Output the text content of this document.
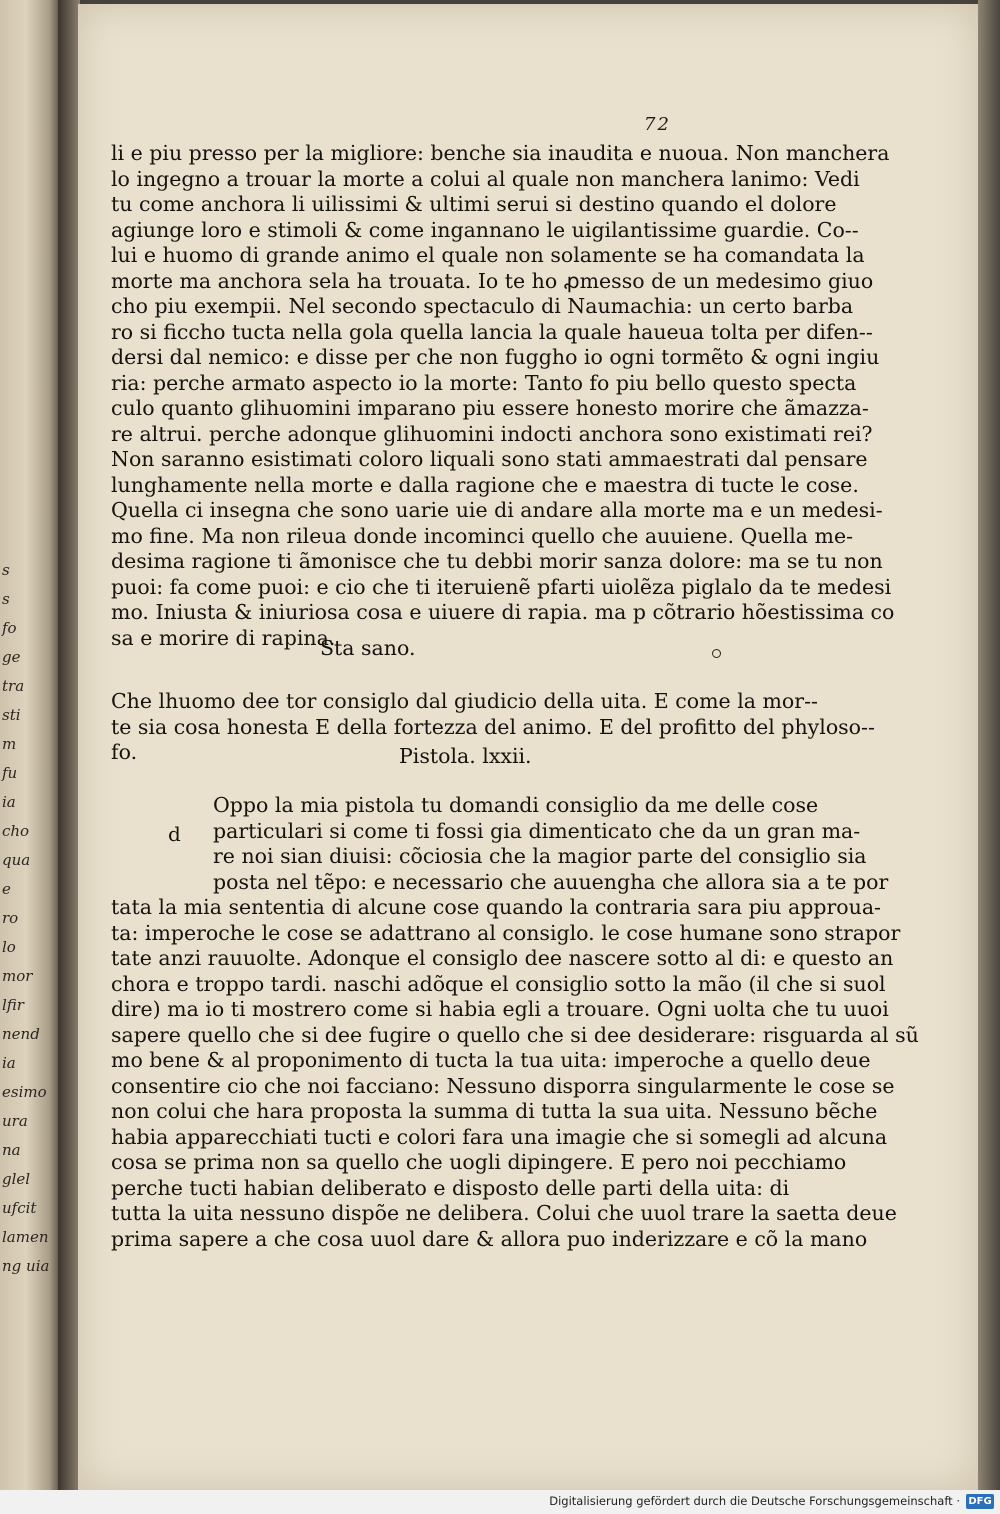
s
s
fo
ge
tra
sti
m
fu
ia
cho
qua
e
ro
lo
mor
lfir
nend
ia
esimo
ura
na
glel
ufcit
lamen
ng uia
72
li e piu presso per la migliore: benche sia inaudita e nuoua. Non manchera
lo ingegno a trouar la morte a colui al quale non manchera lanimo: Vedi
tu come anchora li uilissimi & ultimi serui si destino quando el dolore
agiunge loro e stimoli & come ingannano le uigilantissime guardie. Co--
lui e huomo di grande animo el quale non solamente se ha comandata la
morte ma anchora sela ha trouata. Io te ho ꝓmesso de un medesimo giuo
cho piu exempii. Nel secondo spectaculo di Naumachia: un certo barba
ro si ficcho tucta nella gola quella lancia la quale haueua tolta per difen--
dersi dal nemico: e disse per che non fuggho io ogni tormẽto & ogni ingiu
ria: perche armato aspecto io la morte: Tanto fo piu bello questo specta
culo quanto glihuomini imparano piu essere honesto morire che ãmazza-
re altrui. perche adonque glihuomini indocti anchora sono existimati rei?
Non saranno esistimati coloro liquali sono stati ammaestrati dal pensare
lunghamente nella morte e dalla ragione che e maestra di tucte le cose.
Quella ci insegna che sono uarie uie di andare alla morte ma e un medesi-
mo fine. Ma non rileua donde incominci quello che auuiene. Quella me-
desima ragione ti ãmonisce che tu debbi morir sanza dolore: ma se tu non
puoi: fa come puoi: e cio che ti iteruienẽ pfarti uiolẽza piglalo da te medesi
mo. Iniusta & iniuriosa cosa e uiuere di rapia. ma p cõtrario hõestissima co
sa e morire di rapina.
Sta sano.
Che lhuomo dee tor consiglo dal giudicio della uita. E come la mor--
te sia cosa honesta E della fortezza del animo. E del profitto del phyloso--
fo.	Pistola. lxxii.
d
Oppo la mia pistola tu domandi consiglio da me delle cose
particulari si come ti fossi gia dimenticato che da un gran ma-
re noi sian diuisi: cõciosia che la magior parte del consiglio sia
posta nel tẽpo: e necessario che auuengha che allora sia a te por
tata la mia sententia di alcune cose quando la contraria sara piu approua-
ta: imperoche le cose se adattrano al consiglo. le cose humane sono strapor
tate anzi rauuolte. Adonque el consiglo dee nascere sotto al di: e questo an
chora e troppo tardi. naschi adõque el consiglio sotto la mão (il che si suol
dire) ma io ti mostrero come si habia egli a trouare. Ogni uolta che tu uuoi
sapere quello che si dee fugire o quello che si dee desiderare: risguarda al sũ
mo bene & al proponimento di tucta la tua uita: imperoche a quello deue
consentire cio che noi facciano: Nessuno disporra singularmente le cose se
non colui che hara proposta la summa di tutta la sua uita. Nessuno bẽche
habia apparecchiati tucti e colori fara una imagie che si somegli ad alcuna
cosa se prima non sa quello che uogli dipingere. E pero noi pecchiamo
perche tucti habian deliberato e disposto delle parti della uita: di
tutta la uita nessuno dispõe ne delibera. Colui che uuol trare la saetta deue
prima sapere a che cosa uuol dare & allora puo inderizzare e cõ la mano
Digitalisierung gefördert durch die Deutsche Forschungsgemeinschaft · DFG
